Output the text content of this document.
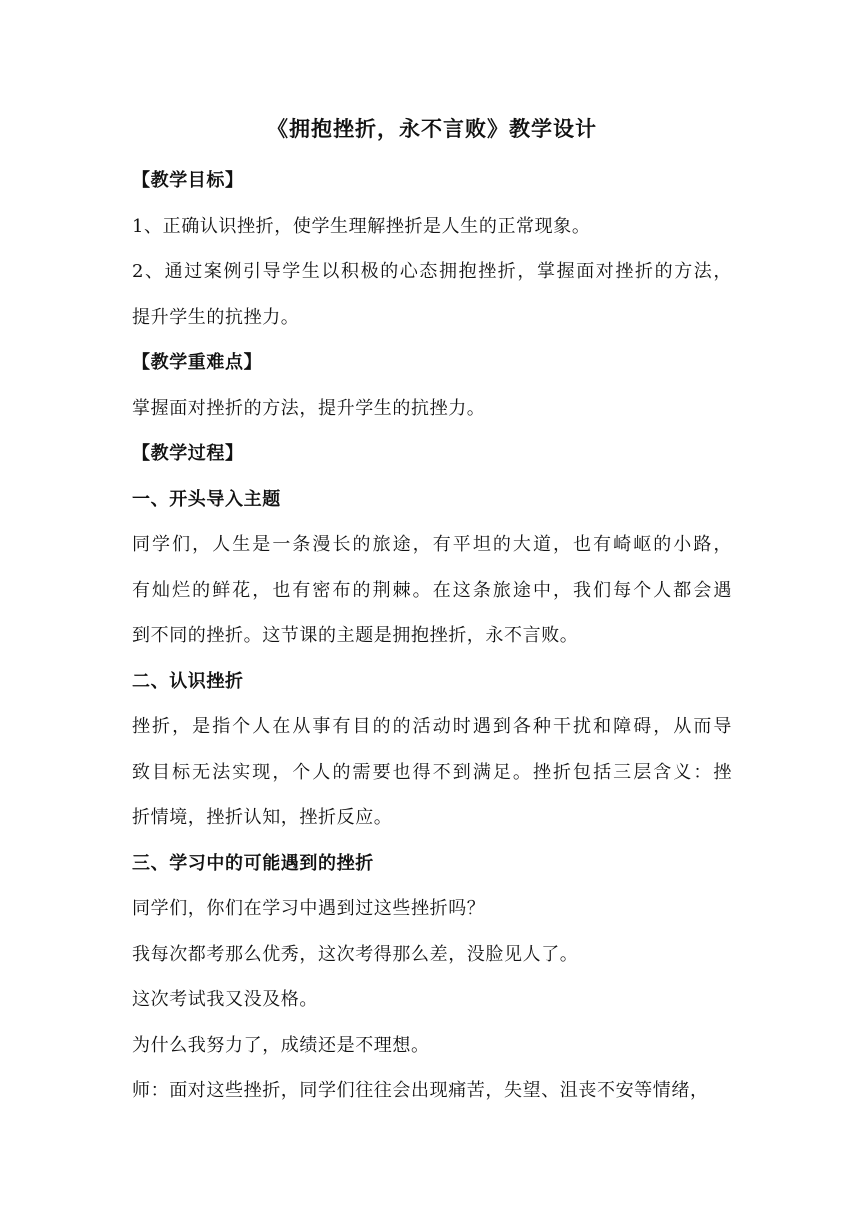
《拥抱挫折，永不言败》教学设计
【教学目标】
1、正确认识挫折，使学生理解挫折是人生的正常现象。
2、通过案例引导学生以积极的心态拥抱挫折，掌握面对挫折的方法，
提升学生的抗挫力。
【教学重难点】
掌握面对挫折的方法，提升学生的抗挫力。
【教学过程】
一、开头导入主题
同学们，人生是一条漫长的旅途，有平坦的大道，也有崎岖的小路，
有灿烂的鲜花，也有密布的荆棘。在这条旅途中，我们每个人都会遇
到不同的挫折。这节课的主题是拥抱挫折，永不言败。
二、认识挫折
挫折，是指个人在从事有目的的活动时遇到各种干扰和障碍，从而导
致目标无法实现，个人的需要也得不到满足。挫折包括三层含义：挫
折情境，挫折认知，挫折反应。
三、学习中的可能遇到的挫折
同学们，你们在学习中遇到过这些挫折吗？
我每次都考那么优秀，这次考得那么差，没脸见人了。
这次考试我又没及格。
为什么我努力了，成绩还是不理想。
师：面对这些挫折，同学们往往会出现痛苦，失望、沮丧不安等情绪，
